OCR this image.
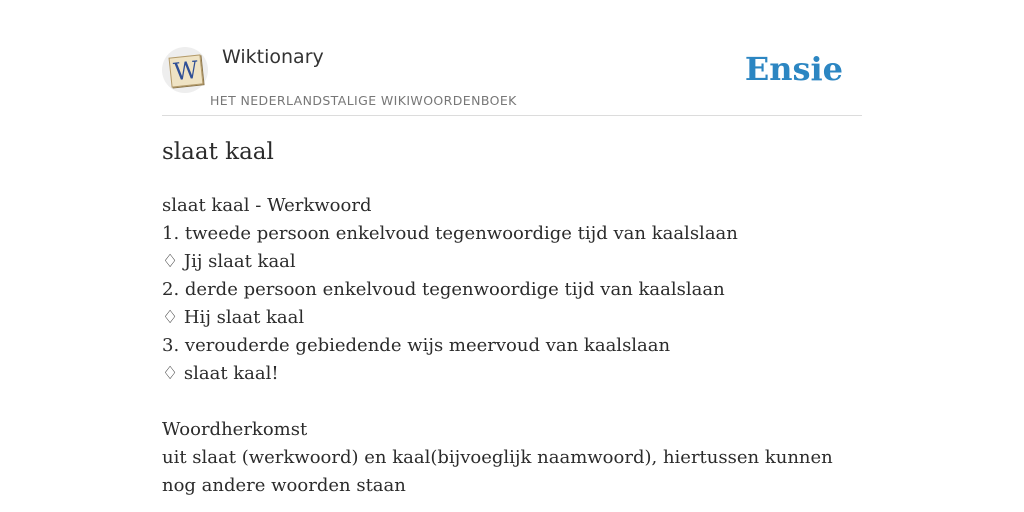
W Wiktionary
HET NEDERLANDSTALIGE WIKIWOORDENBOEK
Ensie
slaat kaal
slaat kaal - Werkwoord
1. tweede persoon enkelvoud tegenwoordige tijd van kaalslaan
♢ Jij slaat kaal
2. derde persoon enkelvoud tegenwoordige tijd van kaalslaan
♢ Hij slaat kaal
3. verouderde gebiedende wijs meervoud van kaalslaan
♢ slaat kaal!
Woordherkomst
uit slaat (werkwoord) en kaal(bijvoeglijk naamwoord), hiertussen kunnen nog andere woorden staan
